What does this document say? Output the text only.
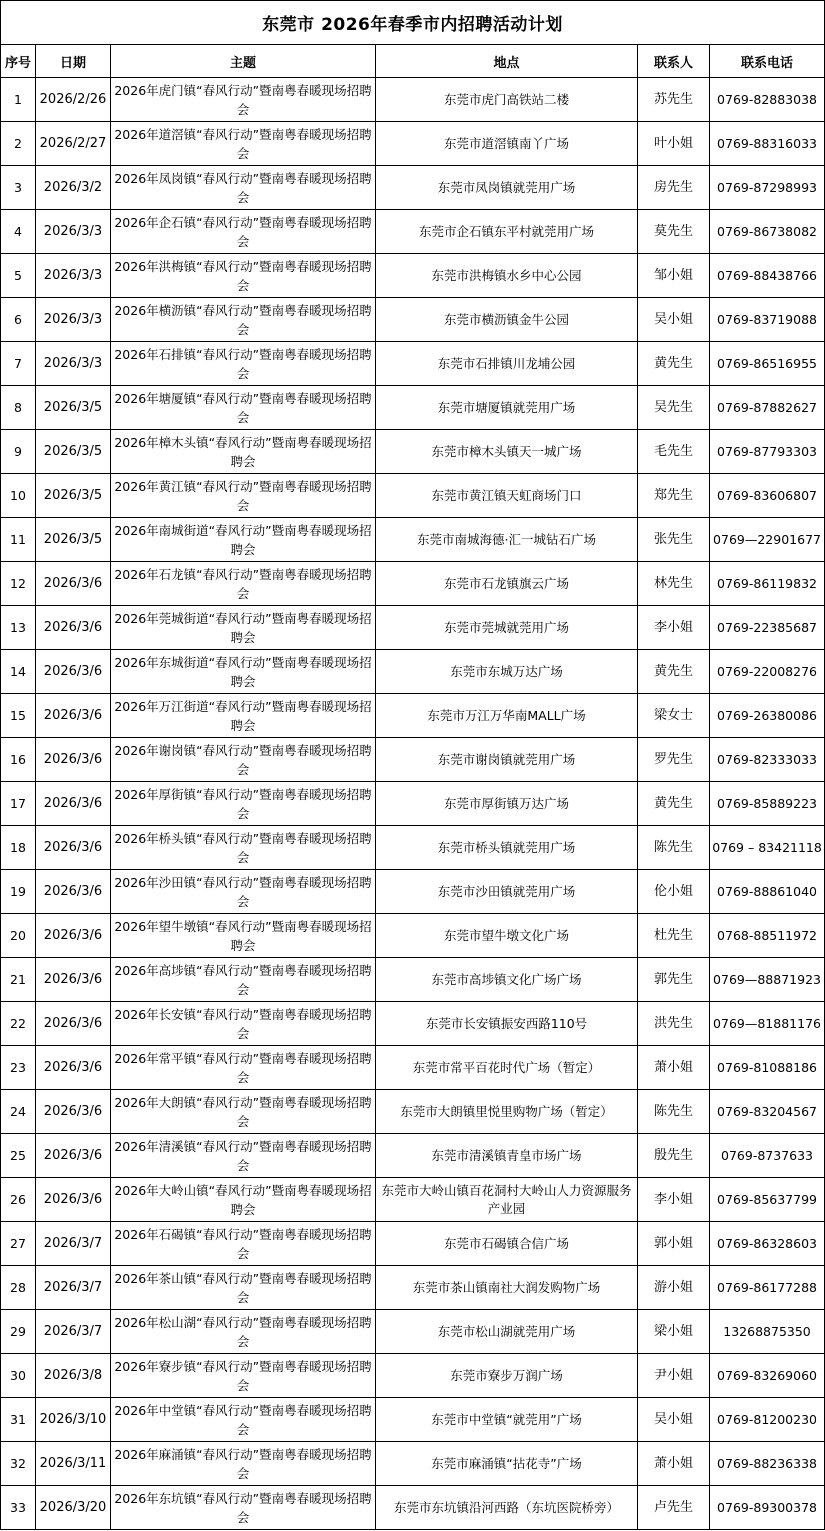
东莞市 2026年春季市内招聘活动计划					
序号	日期	主题	地点	联系人	联系电话
1	2026/2/26	2026年虎门镇“春风行动”暨南粤春暖现场招聘会	东莞市虎门高铁站二楼	苏先生	0769-82883038
2	2026/2/27	2026年道滘镇“春风行动”暨南粤春暖现场招聘会	东莞市道滘镇南丫广场	叶小姐	0769-88316033
3	2026/3/2	2026年凤岗镇“春风行动”暨南粤春暖现场招聘会	东莞市凤岗镇就莞用广场	房先生	0769-87298993
4	2026/3/3	2026年企石镇“春风行动”暨南粤春暖现场招聘会	东莞市企石镇东平村就莞用广场	莫先生	0769-86738082
5	2026/3/3	2026年洪梅镇“春风行动”暨南粤春暖现场招聘会	东莞市洪梅镇水乡中心公园	邹小姐	0769-88438766
6	2026/3/3	2026年横沥镇“春风行动”暨南粤春暖现场招聘会	东莞市横沥镇金牛公园	吴小姐	0769-83719088
7	2026/3/3	2026年石排镇“春风行动”暨南粤春暖现场招聘会	东莞市石排镇川龙埔公园	黄先生	0769-86516955
8	2026/3/5	2026年塘厦镇“春风行动”暨南粤春暖现场招聘会	东莞市塘厦镇就莞用广场	吴先生	0769-87882627
9	2026/3/5	2026年樟木头镇“春风行动”暨南粤春暖现场招聘会	东莞市樟木头镇天一城广场	毛先生	0769-87793303
10	2026/3/5	2026年黄江镇“春风行动”暨南粤春暖现场招聘会	东莞市黄江镇天虹商场门口	郑先生	0769-83606807
11	2026/3/5	2026年南城街道“春风行动”暨南粤春暖现场招聘会	东莞市南城海德·汇一城钻石广场	张先生	0769—22901677
12	2026/3/6	2026年石龙镇“春风行动”暨南粤春暖现场招聘会	东莞市石龙镇旗云广场	林先生	0769-86119832
13	2026/3/6	2026年莞城街道“春风行动”暨南粤春暖现场招聘会	东莞市莞城就莞用广场	李小姐	0769-22385687
14	2026/3/6	2026年东城街道“春风行动”暨南粤春暖现场招聘会	东莞市东城万达广场	黄先生	0769-22008276
15	2026/3/6	2026年万江街道“春风行动”暨南粤春暖现场招聘会	东莞市万江万华南MALL广场	梁女士	0769-26380086
16	2026/3/6	2026年谢岗镇“春风行动”暨南粤春暖现场招聘会	东莞市谢岗镇就莞用广场	罗先生	0769-82333033
17	2026/3/6	2026年厚街镇“春风行动”暨南粤春暖现场招聘会	东莞市厚街镇万达广场	黄先生	0769-85889223
18	2026/3/6	2026年桥头镇“春风行动”暨南粤春暖现场招聘会	东莞市桥头镇就莞用广场	陈先生	0769 – 83421118
19	2026/3/6	2026年沙田镇“春风行动”暨南粤春暖现场招聘会	东莞市沙田镇就莞用广场	伦小姐	0769-88861040
20	2026/3/6	2026年望牛墩镇“春风行动”暨南粤春暖现场招聘会	东莞市望牛墩文化广场	杜先生	0768-88511972
21	2026/3/6	2026年高埗镇“春风行动”暨南粤春暖现场招聘会	东莞市高埗镇文化广场广场	郭先生	0769—88871923
22	2026/3/6	2026年长安镇“春风行动”暨南粤春暖现场招聘会	东莞市长安镇振安西路110号	洪先生	0769—81881176
23	2026/3/6	2026年常平镇“春风行动”暨南粤春暖现场招聘会	东莞市常平百花时代广场（暂定）	萧小姐	0769-81088186
24	2026/3/6	2026年大朗镇“春风行动”暨南粤春暖现场招聘会	东莞市大朗镇里悦里购物广场（暂定）	陈先生	0769-83204567
25	2026/3/6	2026年清溪镇“春风行动”暨南粤春暖现场招聘会	东莞市清溪镇青皇市场广场	殷先生	0769-8737633
26	2026/3/6	2026年大岭山镇“春风行动”暨南粤春暖现场招聘会	东莞市大岭山镇百花洞村大岭山人力资源服务产业园	李小姐	0769-85637799
27	2026/3/7	2026年石碣镇“春风行动”暨南粤春暖现场招聘会	东莞市石碣镇合信广场	郭小姐	0769-86328603
28	2026/3/7	2026年茶山镇“春风行动”暨南粤春暖现场招聘会	东莞市茶山镇南社大润发购物广场	游小姐	0769-86177288
29	2026/3/7	2026年松山湖“春风行动”暨南粤春暖现场招聘会	东莞市松山湖就莞用广场	梁小姐	13268875350
30	2026/3/8	2026年寮步镇“春风行动”暨南粤春暖现场招聘会	东莞市寮步万润广场	尹小姐	0769-83269060
31	2026/3/10	2026年中堂镇“春风行动”暨南粤春暖现场招聘会	东莞市中堂镇“就莞用”广场	吴小姐	0769-81200230
32	2026/3/11	2026年麻涌镇“春风行动”暨南粤春暖现场招聘会	东莞市麻涌镇“拈花寺”广场	萧小姐	0769-88236338
33	2026/3/20	2026年东坑镇“春风行动”暨南粤春暖现场招聘会	东莞市东坑镇沿河西路（东坑医院桥旁）	卢先生	0769-89300378
